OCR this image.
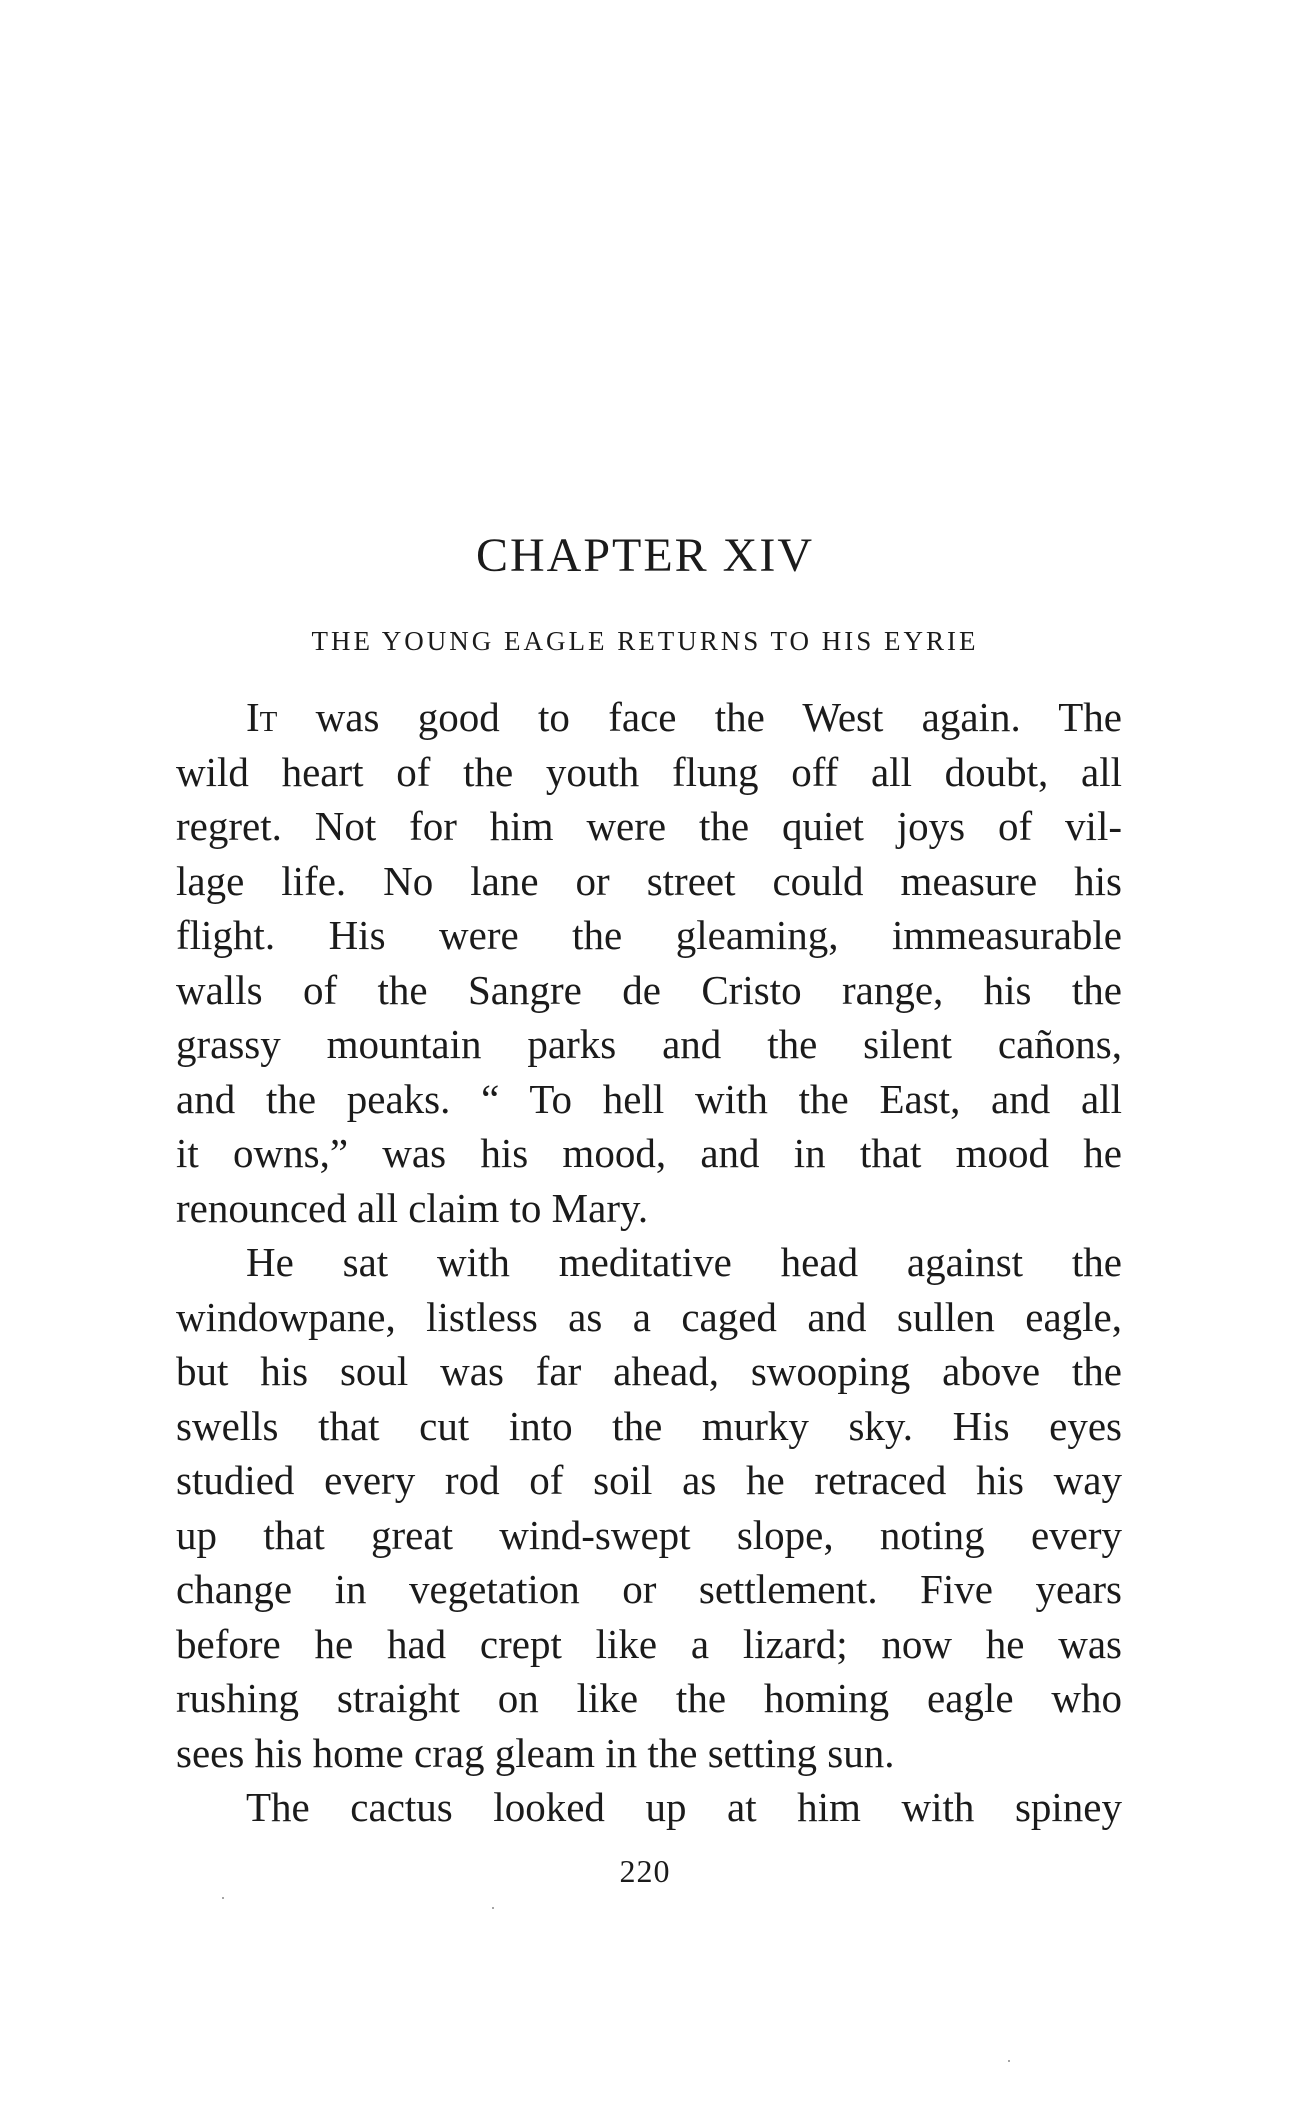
CHAPTER XIV
THE YOUNG EAGLE RETURNS TO HIS EYRIE
It was good to face the West again. The
wild heart of the youth flung off all doubt, all
regret. Not for him were the quiet joys of vil-
lage life. No lane or street could measure his
flight. His were the gleaming, immeasurable
walls of the Sangre de Cristo range, his the
grassy mountain parks and the silent cañons,
and the peaks. “ To hell with the East, and all
it owns,” was his mood, and in that mood he
renounced all claim to Mary.
He sat with meditative head against the
windowpane, listless as a caged and sullen eagle,
but his soul was far ahead, swooping above the
swells that cut into the murky sky. His eyes
studied every rod of soil as he retraced his way
up that great wind-swept slope, noting every
change in vegetation or settlement. Five years
before he had crept like a lizard; now he was
rushing straight on like the homing eagle who
sees his home crag gleam in the setting sun.
The cactus looked up at him with spiney
220
